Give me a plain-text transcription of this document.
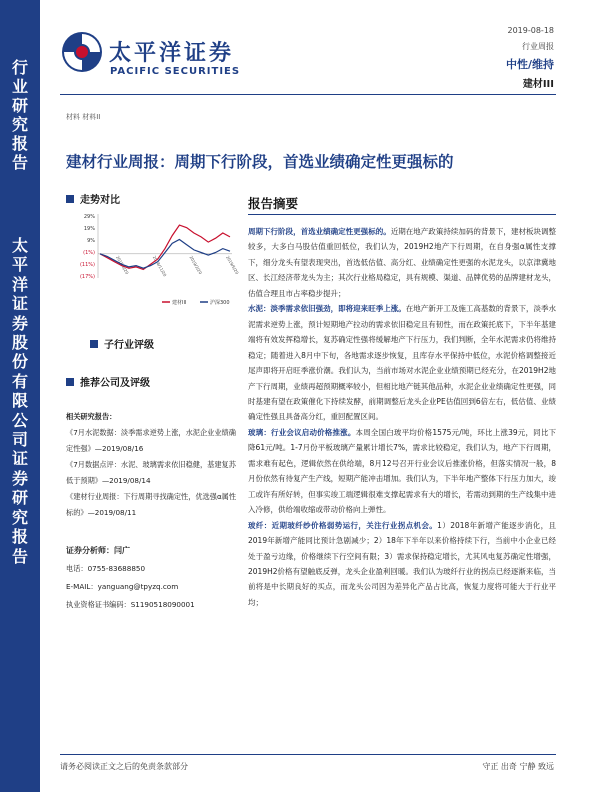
行
业
研
究
报
告
太
平
洋
证
券
股
份
有
限
公
司
证
券
研
究
报
告
太平洋证券
PACIFIC SECURITIES
2019-08-18
行业周报
中性/维持
建材III
材料 材料II
建材行业周报：周期下行阶段，首选业绩确定性更强标的
走势对比
29%
19%
9%
(1%)
(11%)
(17%)
2018/8/20	2018/11/20	2019/2/20	2019/5/20
建材III	沪深300
子行业评级
推荐公司及评级
相关研究报告：
《7月水泥数据：淡季需求逆势上涨，水泥企业业绩确定性强》—2019/08/16
《7月数据点评：水泥、玻璃需求依旧稳健，基建复苏低于预期》—2019/08/14
《建材行业周报：下行周期寻找确定性，优选强α属性标的》—2019/08/11
证券分析师：闫广
电话：0755-83688850
E-MAIL：yanguang@tpyzq.com
执业资格证书编码：S1190518090001
报告摘要

周期下行阶段，首选业绩确定性更强标的。近期在地产政策持续加码的背景下，建材板块调整较多，大多白马股估值重回低位，我们认为，2019H2地产下行周期，在自身强α属性支撑下，细分龙头有望表现突出，首选低估值、高分红、业绩确定性更强的水泥龙头，以京津冀地区、长江经济带龙头为主；其次行业格局稳定，具有规模、渠道、品牌优势的品牌建材龙头，估值合理且市占率稳步提升；

水泥：淡季需求依旧强劲，即将迎来旺季上涨。在地产新开工及施工高基数的背景下，淡季水泥需求逆势上涨，预计短期地产拉动的需求依旧稳定且有韧性，而在政策托底下，下半年基建端将有效发挥稳增长，复苏确定性强将缓解地产下行压力，我们判断，全年水泥需求仍将维持稳定；随着进入8月中下旬，各地需求逐步恢复，且库存水平保持中低位，水泥价格调整接近尾声即将开启旺季涨价潮。我们认为，当前市场对水泥企业业绩预期已经充分，在2019H2地产下行周期，业绩再超预期概率较小，但相比地产链其他品种，水泥企业业绩确定性更强，同时基建有望在政策催化下持续发酵，前期调整后龙头企业PE估值回到6倍左右，低估值、业绩确定性强且具备高分红，重回配置区间。

玻璃：行业会议启动价格推涨。本周全国白玻平均价格1575元/吨，环比上涨39元，同比下降61元/吨。1-7月份平板玻璃产量累计增长7%，需求比较稳定，我们认为，地产下行周期，需求难有起色，逻辑依然在供给端，8月12号召开行业会议后推涨价格，但落实情况一般，8月份依然有待复产生产线，短期产能冲击增加。我们认为，下半年地产整体下行压力加大，竣工或许有所好转，但事实竣工端逻辑很难支撑起需求有大的增长，若需动到期的生产线集中进入冷修，供给端收缩或带动价格向上弹性。

玻纤：近期玻纤纱价格弱势运行，关注行业拐点机会。1）2018年新增产能逐步消化，且2019年新增产能同比预计急剧减少；2）18年下半年以来价格持续下行，当前中小企业已经处于盈亏边缘，价格继续下行空间有限；3）需求保持稳定增长，尤其风电复苏确定性增强，2019H2价格有望触底反弹，龙头企业盈利回暖。我们认为玻纤行业的拐点已经逐渐来临，当前将是中长期良好的买点，而龙头公司因为差异化产品占比高，恢复力度将可能大于行业平均；

请务必阅读正文之后的免责条款部分	守正 出奇 宁静 致远
